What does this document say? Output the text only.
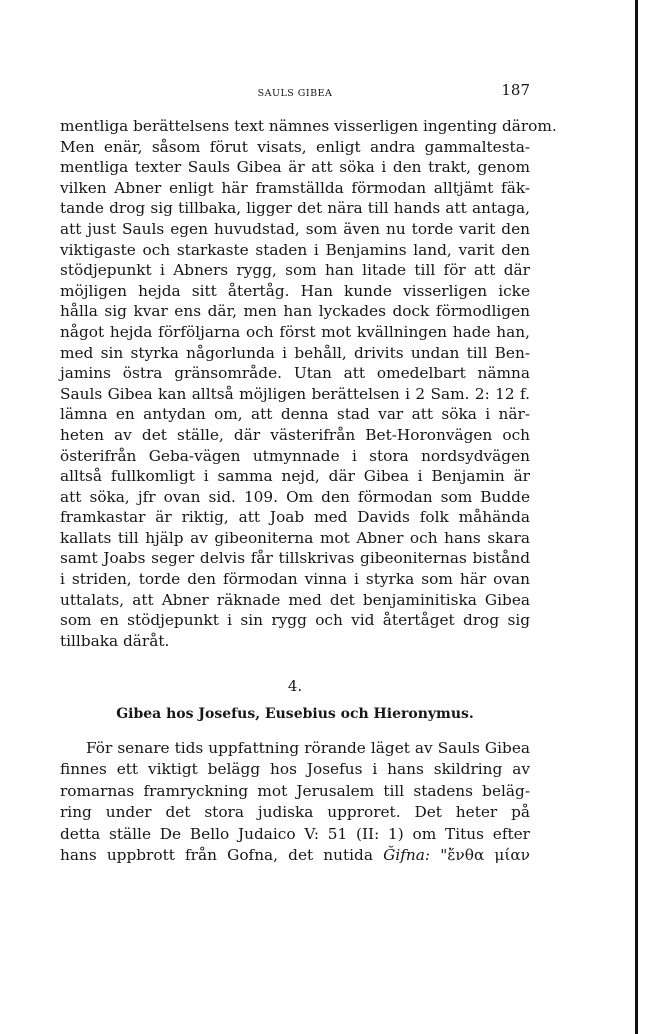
SAULS GIBEA	187
mentliga berättelsens text nämnes visserligen ingenting därom.
Men enär, såsom förut visats, enligt andra gammaltesta-
mentliga texter Sauls Gibea är att söka i den trakt, genom
vilken Abner enligt här framställda förmodan alltjämt fäk-
tande drog sig tillbaka, ligger det nära till hands att antaga,
att just Sauls egen huvudstad, som även nu torde varit den
viktigaste och starkaste staden i Benjamins land, varit den
stödjepunkt i Abners rygg, som han litade till för att där
möjligen hejda sitt återtåg. Han kunde visserligen icke
hålla sig kvar ens där, men han lyckades dock förmodligen
något hejda förföljarna och först mot kvällningen hade han,
med sin styrka någorlunda i behåll, drivits undan till Ben-
jamins östra gränsområde. Utan att omedelbart nämna
Sauls Gibea kan alltså möjligen berättelsen i 2 Sam. 2: 12 f.
lämna en antydan om, att denna stad var att söka i när-
heten av det ställe, där västerifrån Bet-Horonvägen och
österifrån Geba-vägen utmynnade i stora nordsydvägen
alltså fullkomligt i samma nejd, där Gibea i Benjamin är
att söka, jfr ovan sid. 109. Om den förmodan som Budde
framkastar är riktig, att Joab med Davids folk måhända
kallats till hjälp av gibeoniterna mot Abner och hans skara
samt Joabs seger delvis får tillskrivas gibeoniternas bistånd
i striden, torde den förmodan vinna i styrka som här ovan
uttalats, att Abner räknade med det benjaminitiska Gibea
som en stödjepunkt i sin rygg och vid återtåget drog sig
tillbaka däråt.
4.
Gibea hos Josefus, Eusebius och Hieronymus.
För senare tids uppfattning rörande läget av Sauls Gibea
finnes ett viktigt belägg hos Josefus i hans skildring av
romarnas framryckning mot Jerusalem till stadens beläg-
ring under det stora judiska upproret. Det heter på
detta ställe De Bello Judaico V: 51 (II: 1) om Titus efter
hans uppbrott från Gofna, det nutida Ğifna: "ἔνθα μίαν
